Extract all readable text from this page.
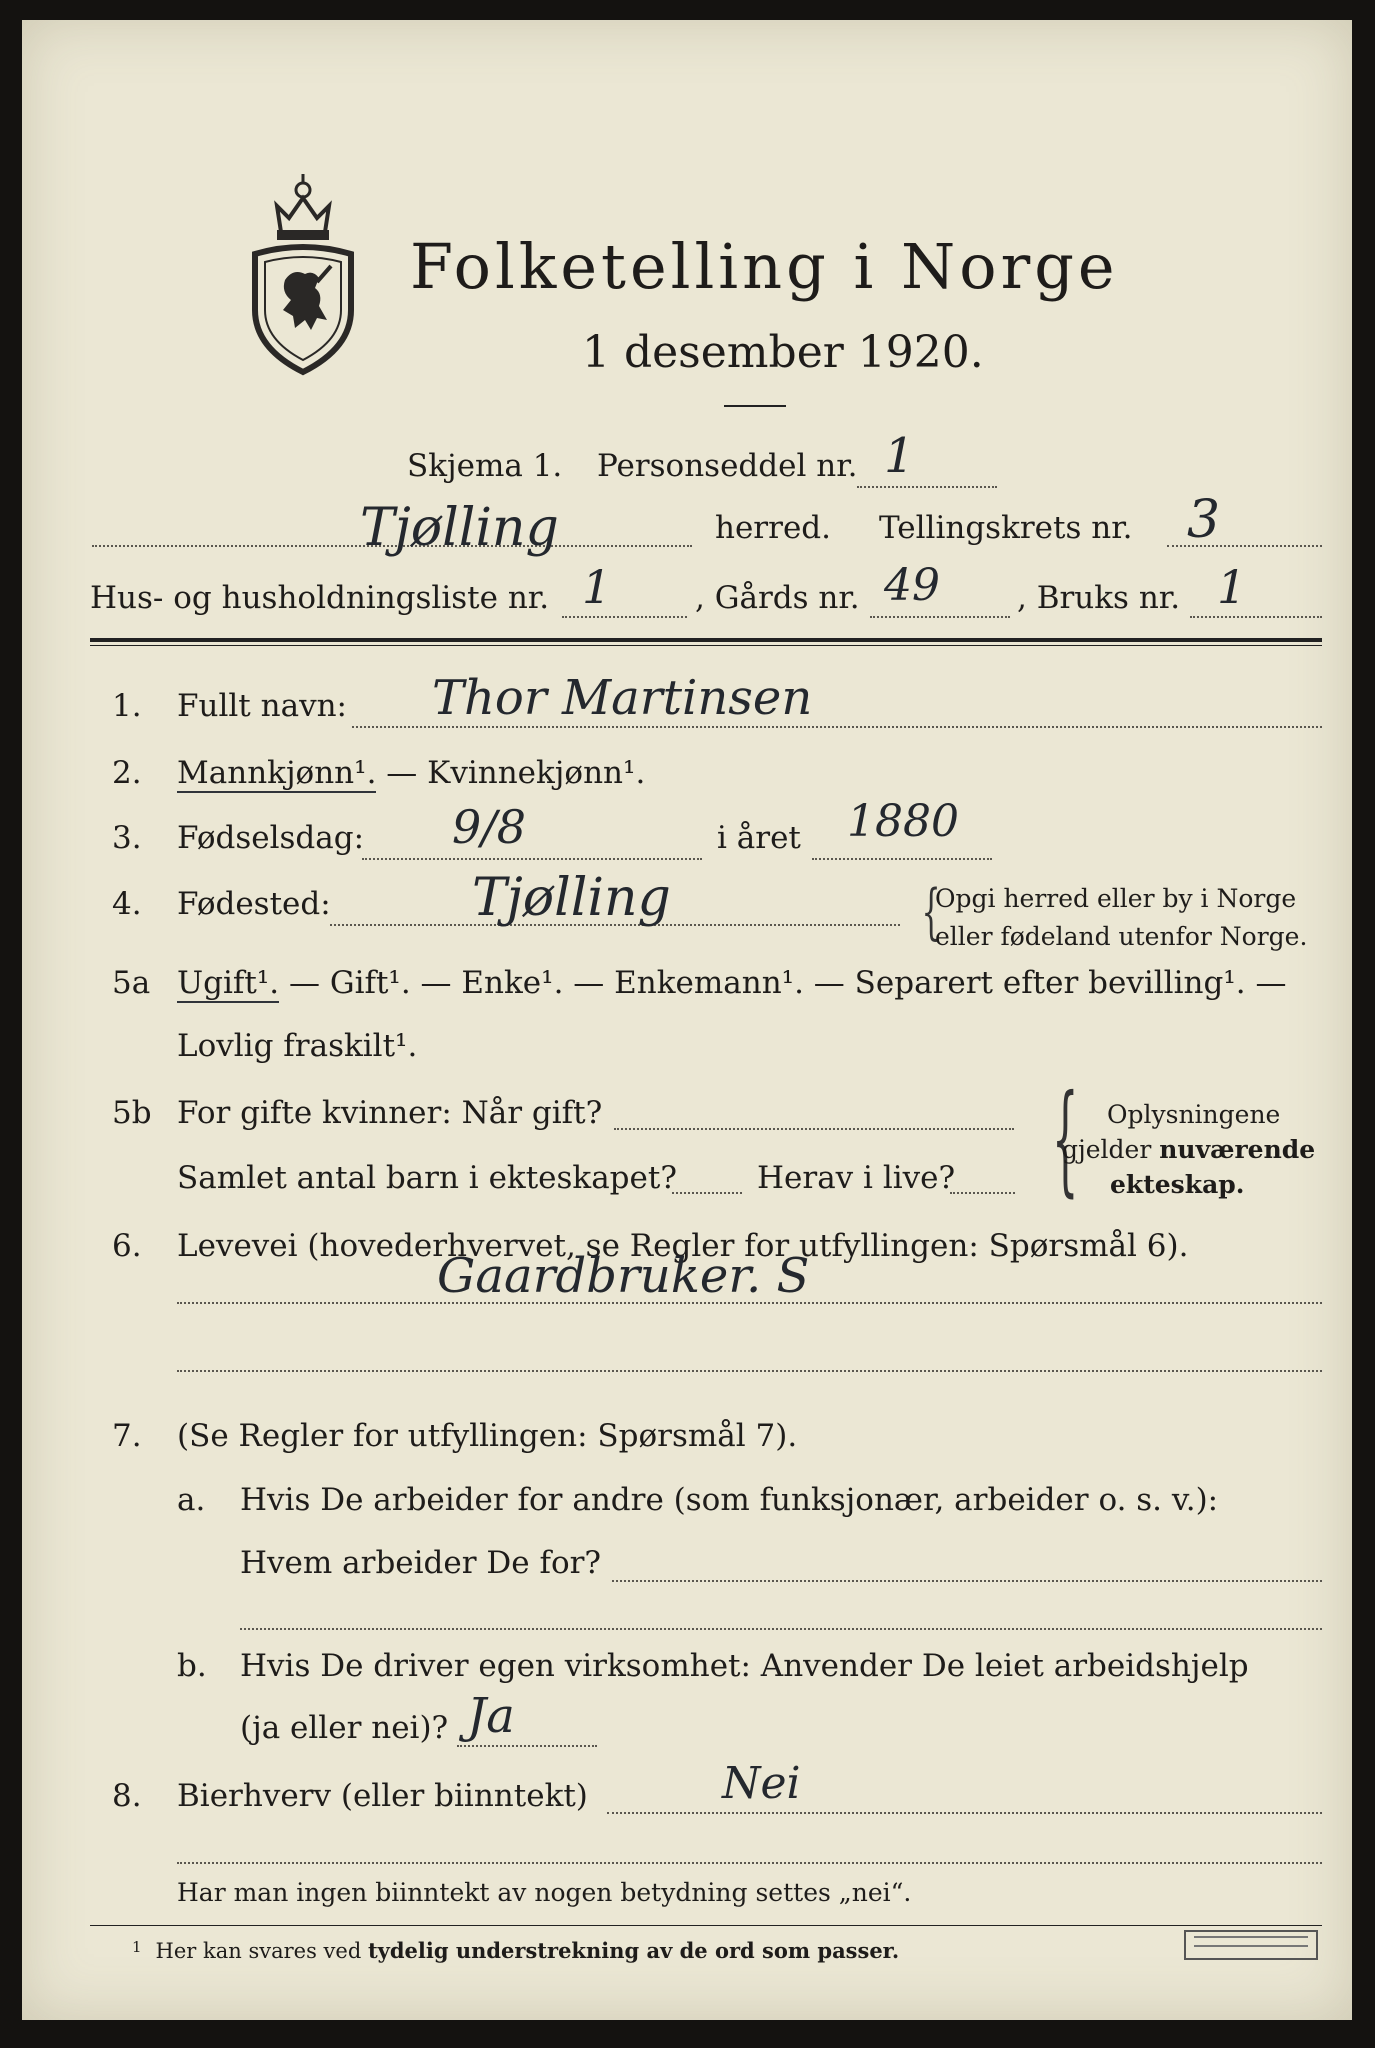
Folketelling i Norge
1 desember 1920.
Skjema 1. Personseddel nr. 1
Tjølling	herred. Tellingskrets nr. 3
Hus- og husholdningsliste nr. 1	, Gårds nr. 49 , Bruks nr. 1
1. Fullt navn: Thor Martinsen
2. Mannkjønn¹. — Kvinnekjønn¹.
3. Fødselsdag: 9/8	i året 1880
4. Fødested:	Tjølling	{
Opgi herred eller by i Norge
eller fødeland utenfor Norge.
5a Ugift¹. — Gift¹. — Enke¹. — Enkemann¹. — Separert efter bevilling¹. —
Lovlig fraskilt¹.
5b For gifte kvinner: Når gift?
Samlet antal barn i ekteskapet?	Herav i live? { Oplysningene
gjelder nuværende
ekteskap.
6. Levevei (hovederhvervet, se Regler for utfyllingen: Spørsmål 6).
Gaardbruker. S
7. (Se Regler for utfyllingen: Spørsmål 7).
a. Hvis De arbeider for andre (som funksjonær, arbeider o. s. v.):
Hvem arbeider De for?
b. Hvis De driver egen virksomhet: Anvender De leiet arbeidshjelp
(ja eller nei)? Ja
8. Bierhverv (eller biinntekt)	Nei
Har man ingen biinntekt av nogen betydning settes „nei“.
$^1$ Her kan svares ved tydelig understrekning av de ord som passer.
